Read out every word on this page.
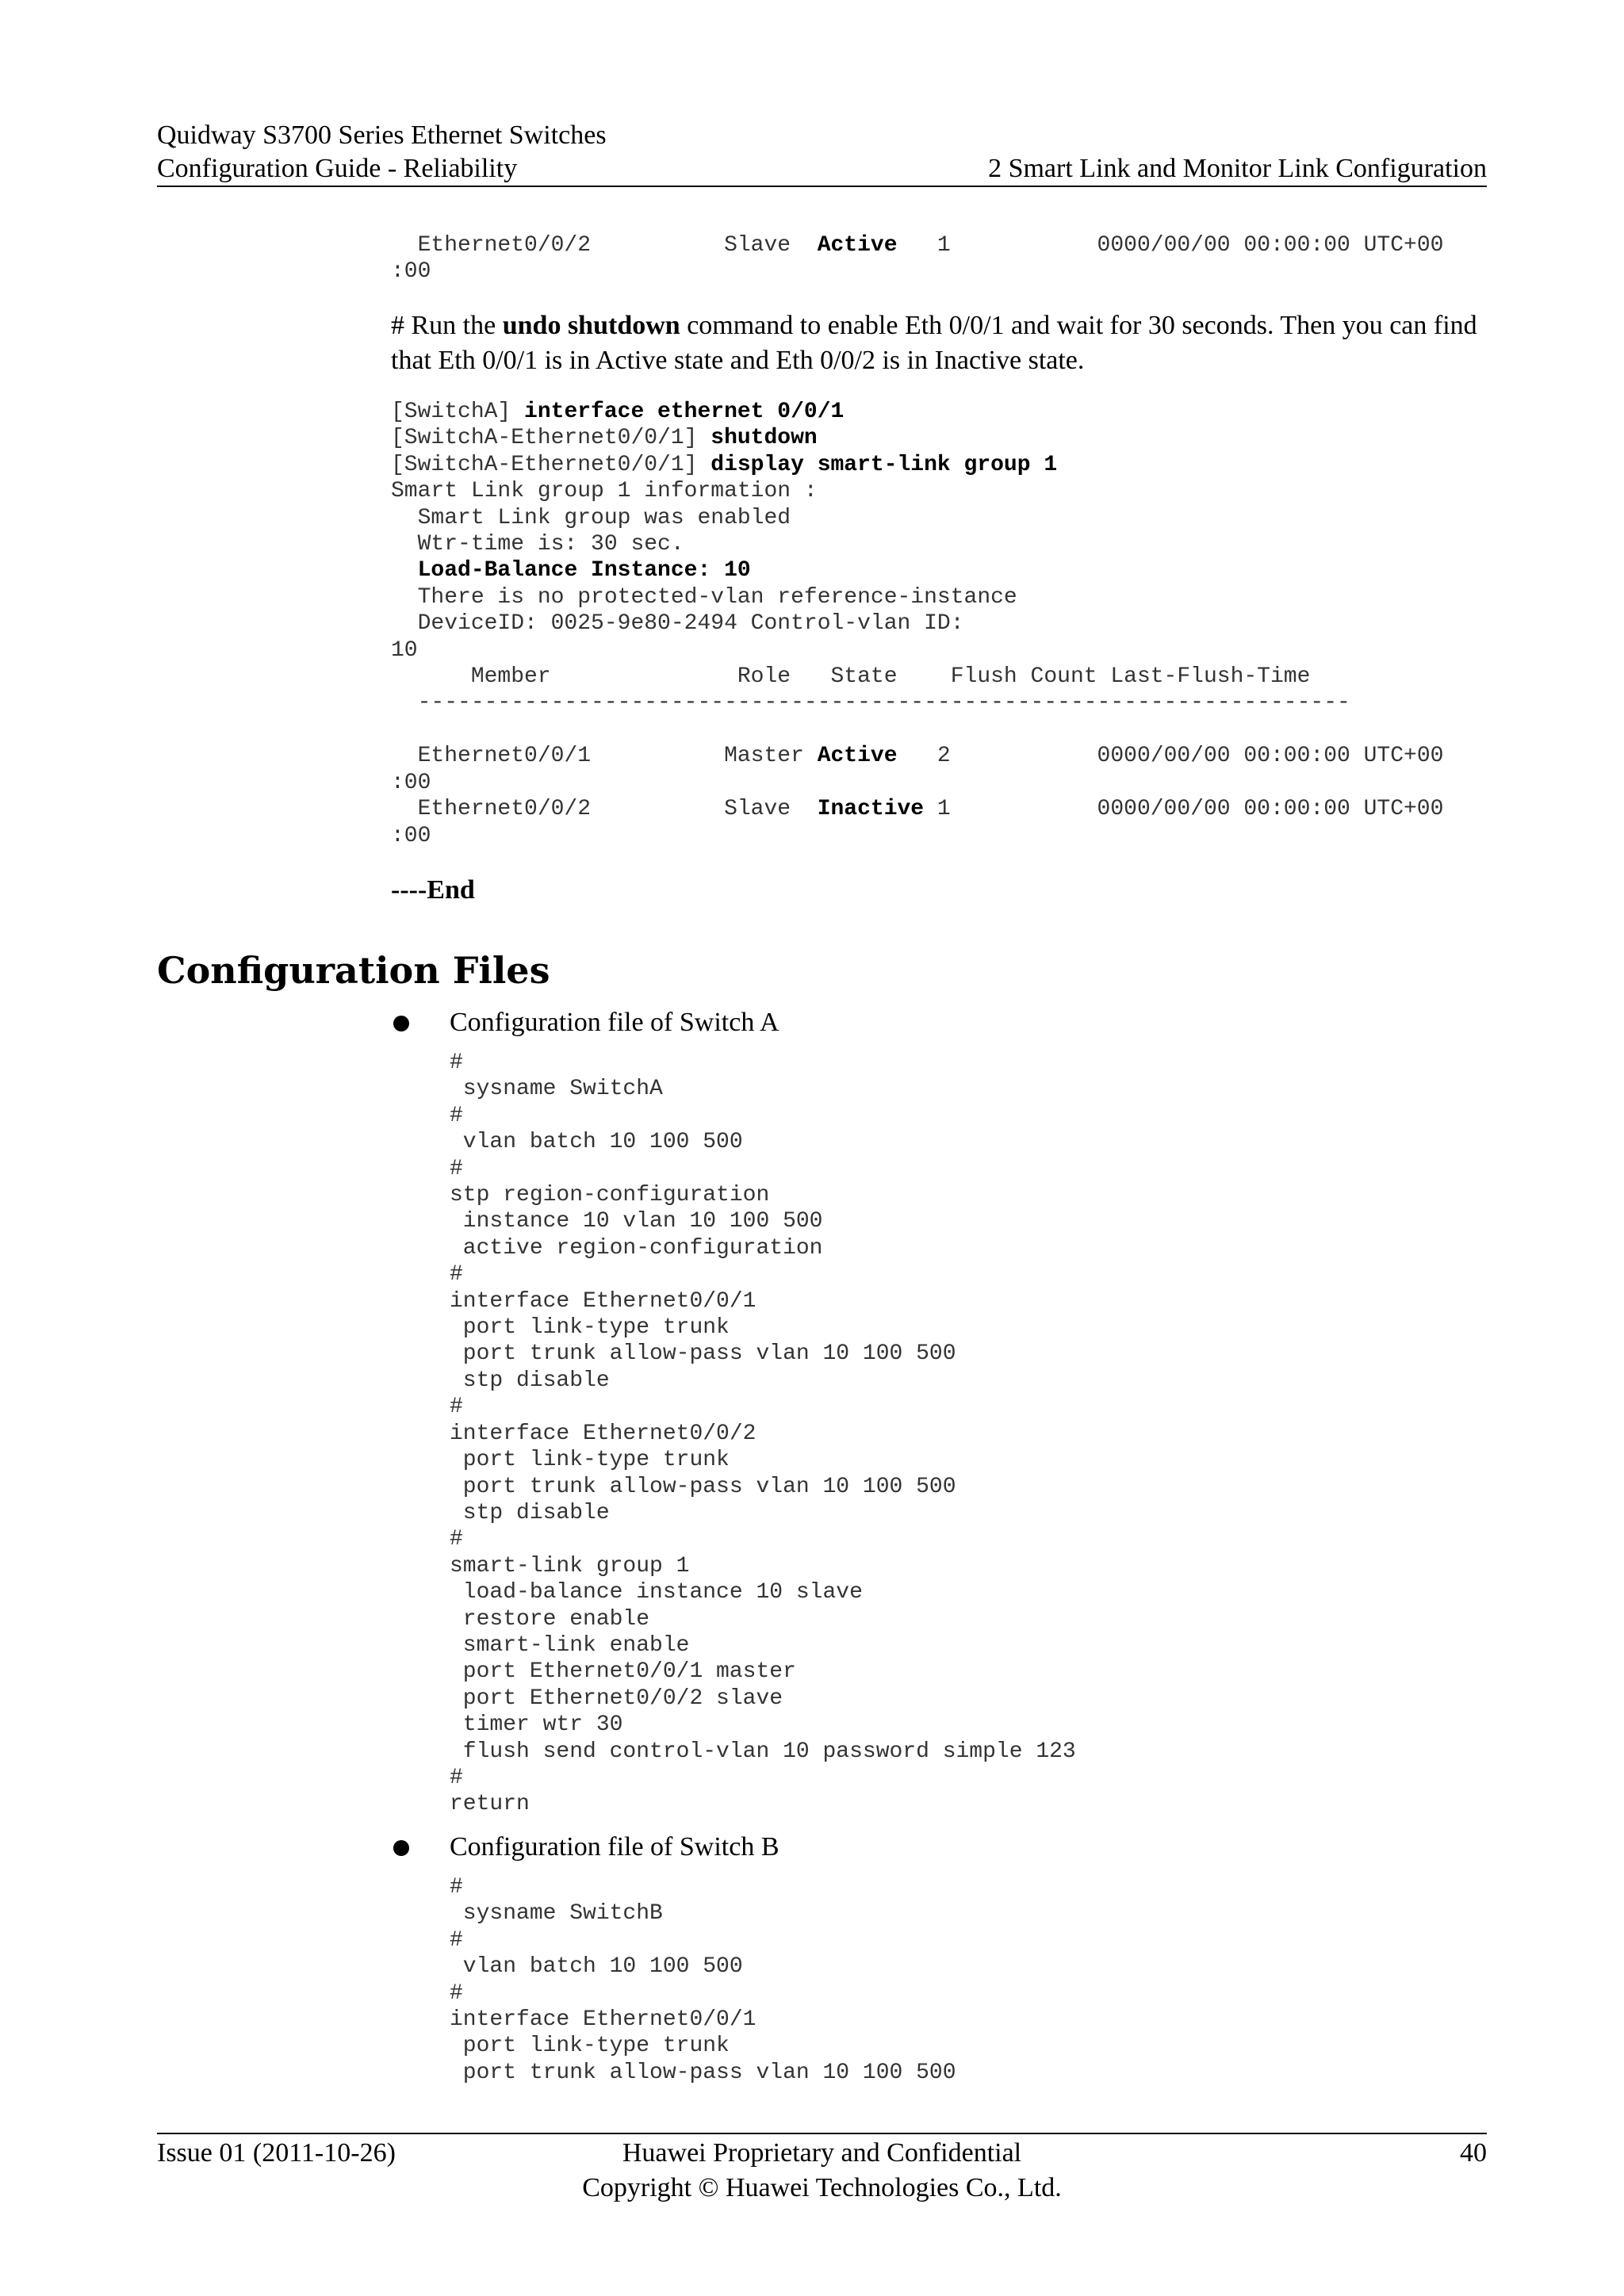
Quidway S3700 Series Ethernet Switches
Configuration Guide - Reliability	2 Smart Link and Monitor Link Configuration
Ethernet0/0/2          Slave  Active   1           0000/00/00 00:00:00 UTC+00
:00
# Run the undo shutdown command to enable Eth 0/0/1 and wait for 30 seconds. Then you can find that Eth 0/0/1 is in Active state and Eth 0/0/2 is in Inactive state.
[SwitchA] interface ethernet 0/0/1
[SwitchA-Ethernet0/0/1] shutdown
[SwitchA-Ethernet0/0/1] display smart-link group 1
Smart Link group 1 information :
Smart Link group was enabled
Wtr-time is: 30 sec.
Load-Balance Instance: 10
There is no protected-vlan reference-instance
DeviceID: 0025-9e80-2494 Control-vlan ID:
10
Member              Role   State    Flush Count Last-Flush-Time
----------------------------------------------------------------------

Ethernet0/0/1          Master Active   2           0000/00/00 00:00:00 UTC+00
:00
Ethernet0/0/2          Slave  Inactive 1           0000/00/00 00:00:00 UTC+00
:00
----End
Configuration Files
Configuration file of Switch A
#
sysname SwitchA
#
vlan batch 10 100 500
#
stp region-configuration
instance 10 vlan 10 100 500
active region-configuration
#
interface Ethernet0/0/1
port link-type trunk
port trunk allow-pass vlan 10 100 500
stp disable
#
interface Ethernet0/0/2
port link-type trunk
port trunk allow-pass vlan 10 100 500
stp disable
#
smart-link group 1
load-balance instance 10 slave
restore enable
smart-link enable
port Ethernet0/0/1 master
port Ethernet0/0/2 slave
timer wtr 30
flush send control-vlan 10 password simple 123
#
return
Configuration file of Switch B
#
sysname SwitchB
#
vlan batch 10 100 500
#
interface Ethernet0/0/1
port link-type trunk
port trunk allow-pass vlan 10 100 500
Issue 01 (2011-10-26)	Huawei Proprietary and Confidential
Copyright © Huawei Technologies Co., Ltd.
40
